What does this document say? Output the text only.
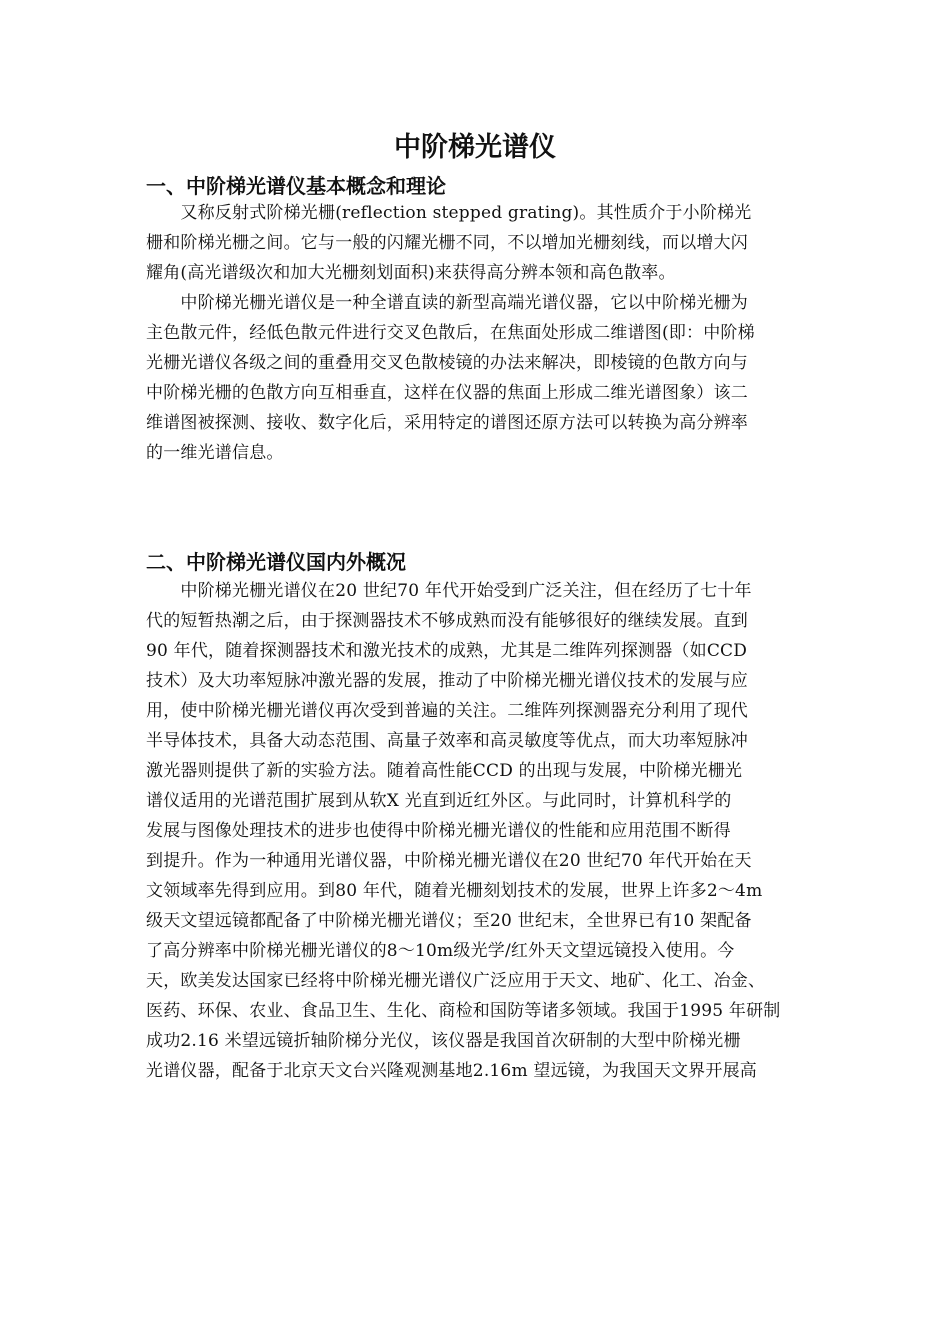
中阶梯光谱仪
一、中阶梯光谱仪基本概念和理论
　　又称反射式阶梯光栅(reflection stepped grating)。其性质介于小阶梯光
栅和阶梯光栅之间。它与一般的闪耀光栅不同，不以增加光栅刻线，而以增大闪
耀角(高光谱级次和加大光栅刻划面积)来获得高分辨本领和高色散率。
　　中阶梯光栅光谱仪是一种全谱直读的新型高端光谱仪器，它以中阶梯光栅为
主色散元件，经低色散元件进行交叉色散后，在焦面处形成二维谱图(即：中阶梯
光栅光谱仪各级之间的重叠用交叉色散棱镜的办法来解决，即棱镜的色散方向与
中阶梯光栅的色散方向互相垂直，这样在仪器的焦面上形成二维光谱图象）该二
维谱图被探测、接收、数字化后，采用特定的谱图还原方法可以转换为高分辨率
的一维光谱信息。
二、中阶梯光谱仪国内外概况
　　中阶梯光栅光谱仪在20 世纪70 年代开始受到广泛关注，但在经历了七十年
代的短暂热潮之后，由于探测器技术不够成熟而没有能够很好的继续发展。直到
90 年代，随着探测器技术和激光技术的成熟，尤其是二维阵列探测器（如CCD
技术）及大功率短脉冲激光器的发展，推动了中阶梯光栅光谱仪技术的发展与应
用，使中阶梯光栅光谱仪再次受到普遍的关注。二维阵列探测器充分利用了现代
半导体技术，具备大动态范围、高量子效率和高灵敏度等优点，而大功率短脉冲
激光器则提供了新的实验方法。随着高性能CCD 的出现与发展，中阶梯光栅光
谱仪适用的光谱范围扩展到从软X 光直到近红外区。与此同时，计算机科学的
发展与图像处理技术的进步也使得中阶梯光栅光谱仪的性能和应用范围不断得
到提升。作为一种通用光谱仪器，中阶梯光栅光谱仪在20 世纪70 年代开始在天
文领域率先得到应用。到80 年代，随着光栅刻划技术的发展，世界上许多2～4m
级天文望远镜都配备了中阶梯光栅光谱仪；至20 世纪末，全世界已有10 架配备
了高分辨率中阶梯光栅光谱仪的8～10m级光学/红外天文望远镜投入使用。今
天，欧美发达国家已经将中阶梯光栅光谱仪广泛应用于天文、地矿、化工、冶金、
医药、环保、农业、食品卫生、生化、商检和国防等诸多领域。我国于1995 年研制
成功2.16 米望远镜折轴阶梯分光仪，该仪器是我国首次研制的大型中阶梯光栅
光谱仪器，配备于北京天文台兴隆观测基地2.16m 望远镜，为我国天文界开展高
